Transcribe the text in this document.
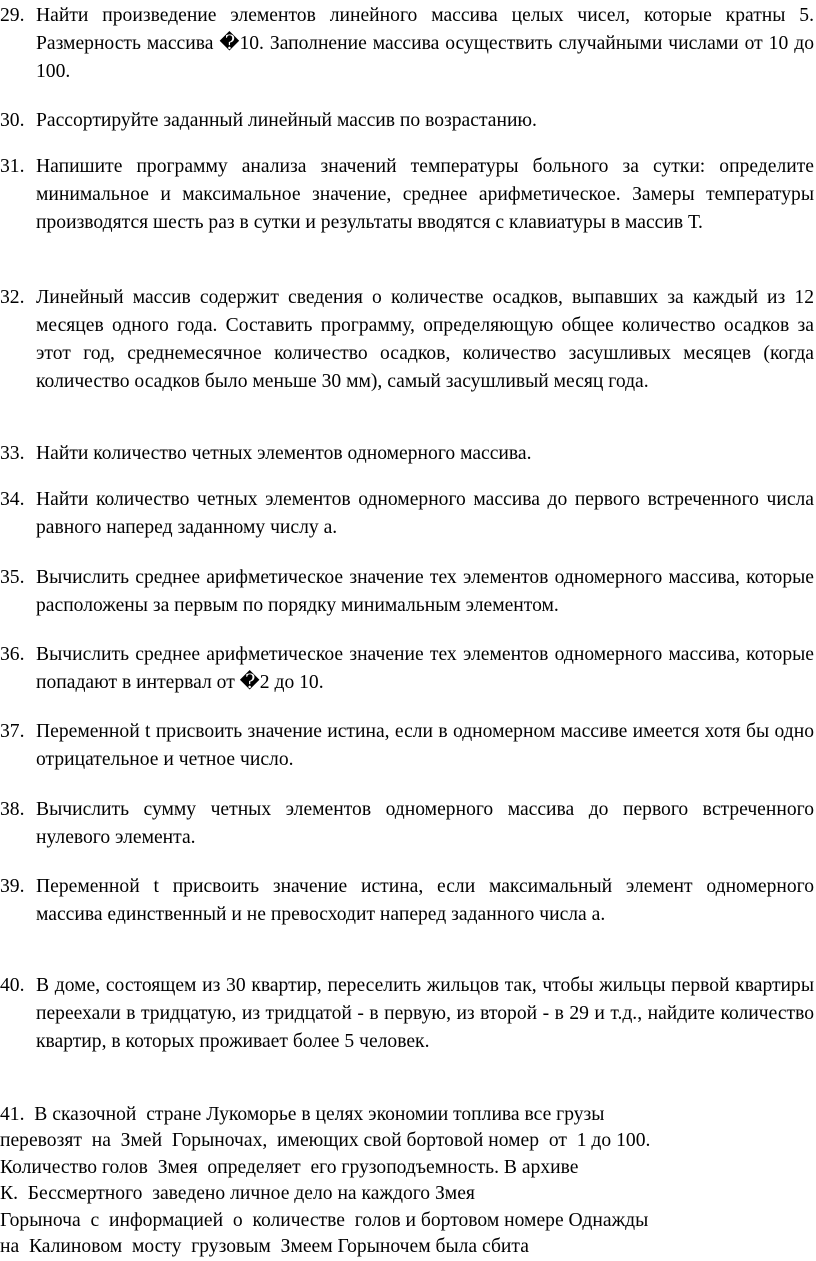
29. Найти произведение элементов линейного массива целых чисел, которые кратны 5. Размерность массива �10. Заполнение массива осуществить случайными числами от 10 до 100.
30. Рассортируйте заданный линейный массив по возрастанию.
31. Напишите программу анализа значений температуры больного за сутки: определите минимальное и максимальное значение, среднее арифметическое. Замеры температуры производятся шесть раз в сутки и результаты вводятся с клавиатуры в массив Т.
32. Линейный массив содержит сведения о количестве осадков, выпавших за каждый из 12 месяцев одного года. Составить программу, определяющую общее количество осадков за этот год, среднемесячное количество осадков, количество засушливых месяцев (когда количество осадков было меньше 30 мм), самый засушливый месяц года.
33. Найти количество четных элементов одномерного массива.
34. Найти количество четных элементов одномерного массива до первого встреченного числа равного наперед заданному числу а.
35. Вычислить среднее арифметическое значение тех элементов одномерного массива, которые расположены за первым по порядку минимальным элементом.
36. Вычислить среднее арифметическое значение тех элементов одномерного массива, которые попадают в интервал от �2 до 10.
37. Переменной t присвоить значение истина, если в одномерном массиве имеется хотя бы одно отрицательное и четное число.
38. Вычислить сумму четных элементов одномерного массива до первого встреченного нулевого элемента.
39. Переменной t присвоить значение истина, если максимальный элемент одномерного массива единственный и не превосходит наперед заданного числа а.
40. В доме, состоящем из 30 квартир, переселить жильцов так, чтобы жильцы первой квартиры переехали в тридцатую, из тридцатой - в первую, из второй - в 29 и т.д., найдите количество квартир, в которых проживает более 5 человек.
41.  В сказочной  стране Лукоморье в целях экономии топлива все грузы
перевозят  на  Змей  Горыночах,  имеющих свой бортовой номер  от  1 до 100.
Количество голов  Змея  определяет  его грузоподъемность. В архиве
К.  Бессмертного  заведено личное дело на каждого Змея
Горыноча  с  информацией  о  количестве  голов и бортовом номере Однажды
на  Калиновом  мосту  грузовым  Змеем Горыночем была сбита
